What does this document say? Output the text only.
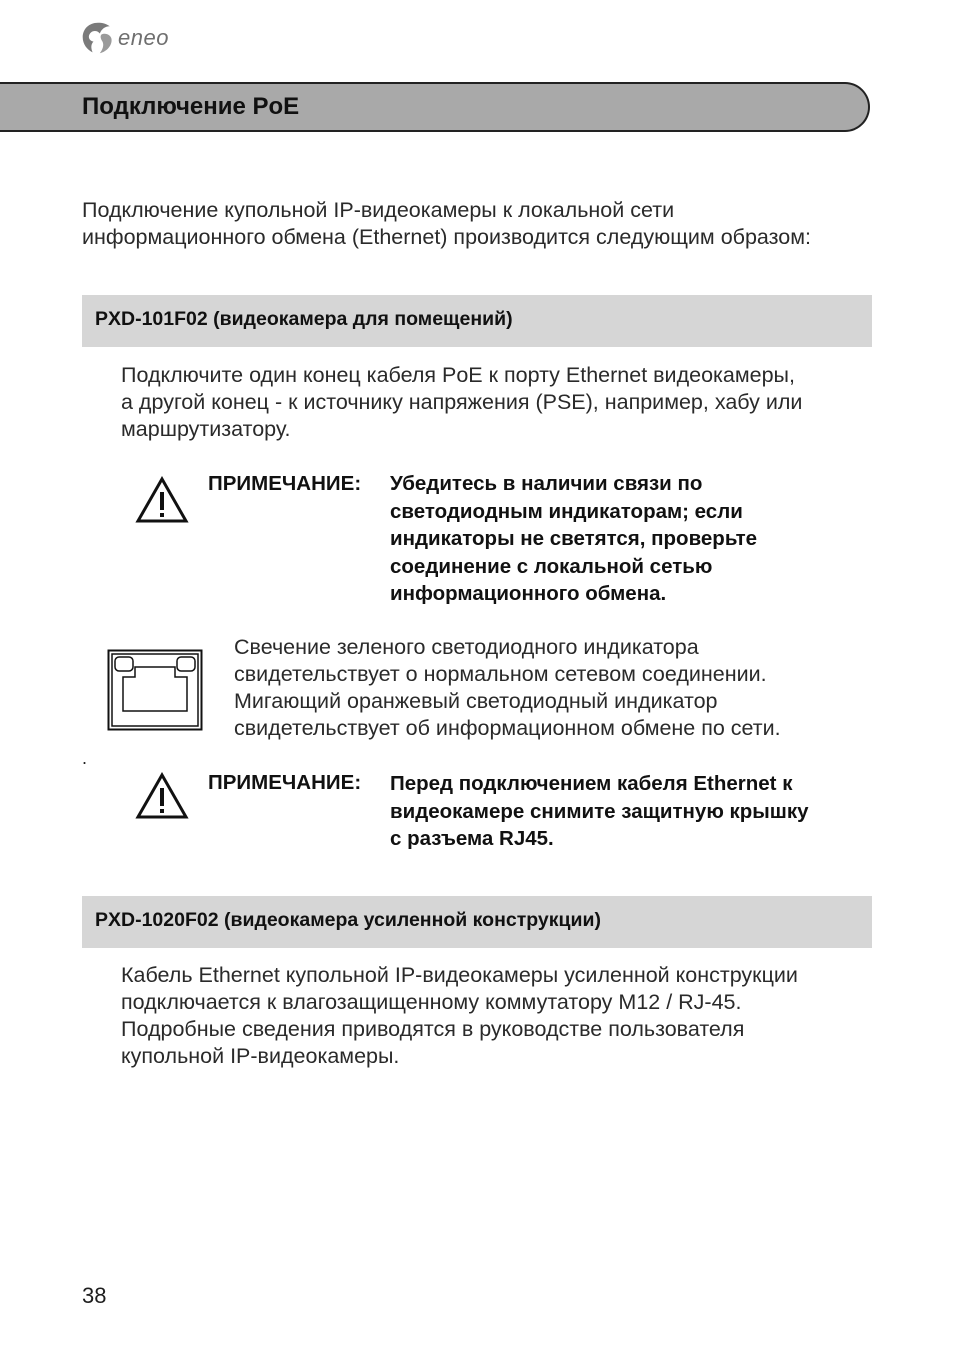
eneo
Подключение PoE
Подключение купольной IP-видеокамеры к локальной сети
информационного обмена (Ethernet) производится следующим образом:
PXD-101F02 (видеокамера для помещений)
Подключите один конец кабеля PoE к порту Ethernet видеокамеры,
а другой конец - к источнику напряжения (PSE), например, хабу или
маршрутизатору.
ПРИМЕЧАНИЕ: Убедитесь в наличии связи по
светодиодным индикаторам; если
индикаторы не светятся, проверьте
соединение с локальной сетью
информационного обмена.
Свечение зеленого светодиодного индикатора
свидетельствует о нормальном сетевом соединении.
Мигающий оранжевый светодиодный индикатор
свидетельствует об информационном обмене по сети.
.
ПРИМЕЧАНИЕ: Перед подключением кабеля Ethernet к
видеокамере снимите защитную крышку
с разъема RJ45.
PXD-1020F02 (видеокамера усиленной конструкции)
Кабель Ethernet купольной IP-видеокамеры усиленной конструкции
подключается к влагозащищенному коммутатору M12 / RJ-45.
Подробные сведения приводятся в руководстве пользователя
купольной IP-видеокамеры.
38
